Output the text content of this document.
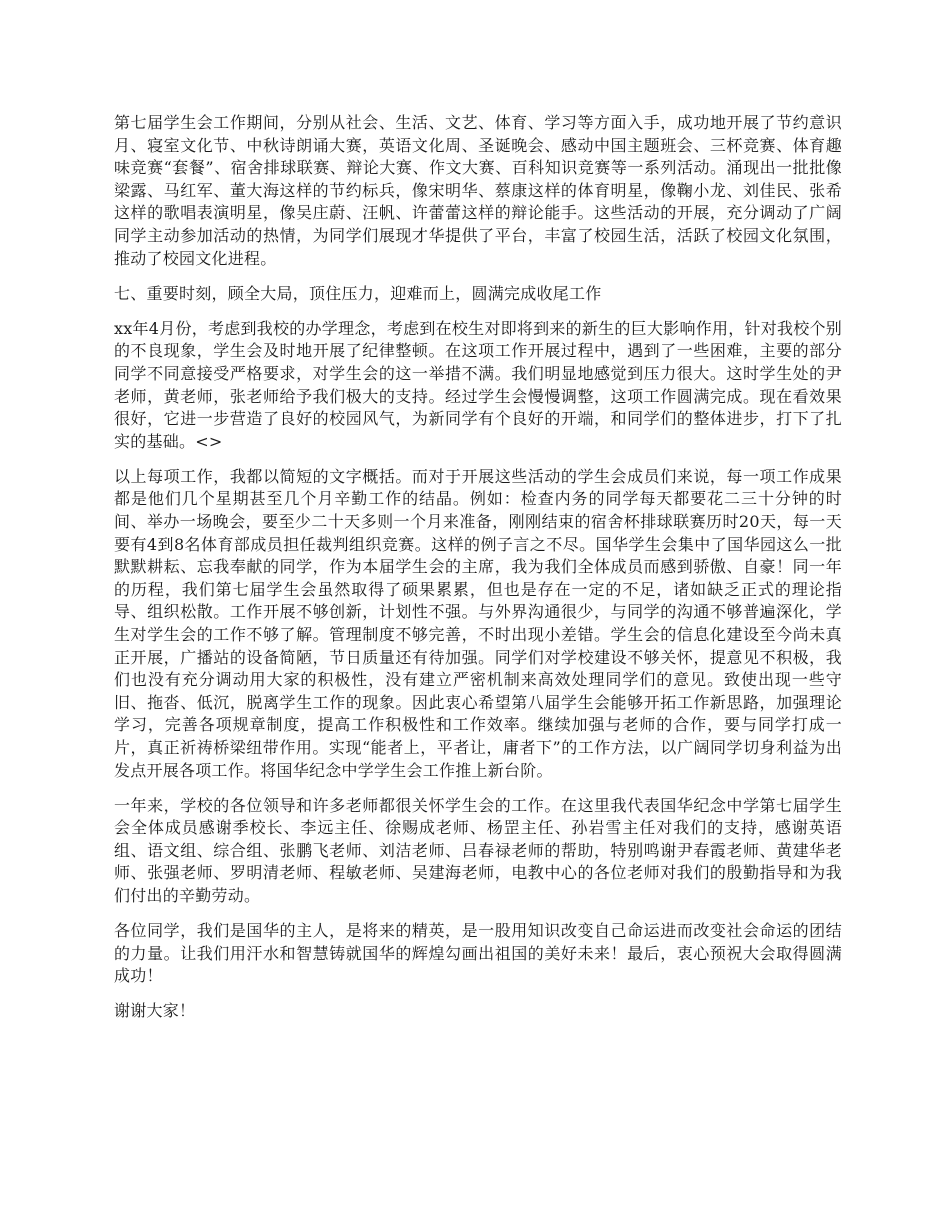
第七届学生会工作期间，分别从社会、生活、文艺、体育、学习等方面入手，成功地开展了节约意识月、寝室文化节、中秋诗朗诵大赛，英语文化周、圣诞晚会、感动中国主题班会、三杯竞赛、体育趣味竞赛“套餐”、宿舍排球联赛、辩论大赛、作文大赛、百科知识竞赛等一系列活动。涌现出一批批像梁露、马红军、董大海这样的节约标兵，像宋明华、蔡康这样的体育明星，像鞠小龙、刘佳民、张希这样的歌唱表演明星，像吴庄蔚、汪帆、许蕾蕾这样的辩论能手。这些活动的开展，充分调动了广阔同学主动参加活动的热情，为同学们展现才华提供了平台，丰富了校园生活，活跃了校园文化氛围，推动了校园文化进程。

七、重要时刻，顾全大局，顶住压力，迎难而上，圆满完成收尾工作

xx年4月份，考虑到我校的办学理念，考虑到在校生对即将到来的新生的巨大影响作用，针对我校个别的不良现象，学生会及时地开展了纪律整顿。在这项工作开展过程中，遇到了一些困难，主要的部分同学不同意接受严格要求，对学生会的这一举措不满。我们明显地感觉到压力很大。这时学生处的尹老师，黄老师，张老师给予我们极大的支持。经过学生会慢慢调整，这项工作圆满完成。现在看效果很好，它进一步营造了良好的校园风气，为新同学有个良好的开端，和同学们的整体进步，打下了扎实的基础。<>

以上每项工作，我都以简短的文字概括。而对于开展这些活动的学生会成员们来说，每一项工作成果都是他们几个星期甚至几个月辛勤工作的结晶。例如：检查内务的同学每天都要花二三十分钟的时间、举办一场晚会，要至少二十天多则一个月来准备，刚刚结束的宿舍杯排球联赛历时20天，每一天要有4到8名体育部成员担任裁判组织竞赛。这样的例子言之不尽。国华学生会集中了国华园这么一批默默耕耘、忘我奉献的同学，作为本届学生会的主席，我为我们全体成员而感到骄傲、自豪！同一年的历程，我们第七届学生会虽然取得了硕果累累，但也是存在一定的不足，诸如缺乏正式的理论指导、组织松散。工作开展不够创新，计划性不强。与外界沟通很少，与同学的沟通不够普遍深化，学生对学生会的工作不够了解。管理制度不够完善，不时出现小差错。学生会的信息化建设至今尚未真正开展，广播站的设备简陋，节日质量还有待加强。同学们对学校建设不够关怀，提意见不积极，我们也没有充分调动用大家的积极性，没有建立严密机制来高效处理同学们的意见。致使出现一些守旧、拖沓、低沉，脱离学生工作的现象。因此衷心希望第八届学生会能够开拓工作新思路，加强理论学习，完善各项规章制度，提高工作积极性和工作效率。继续加强与老师的合作，要与同学打成一片，真正祈祷桥梁纽带作用。实现“能者上，平者让，庸者下”的工作方法，以广阔同学切身利益为出发点开展各项工作。将国华纪念中学学生会工作推上新台阶。

一年来，学校的各位领导和许多老师都很关怀学生会的工作。在这里我代表国华纪念中学第七届学生会全体成员感谢季校长、李远主任、徐赐成老师、杨罡主任、孙岩雪主任对我们的支持，感谢英语组、语文组、综合组、张鹏飞老师、刘洁老师、吕春禄老师的帮助，特别鸣谢尹春霞老师、黄建华老师、张强老师、罗明清老师、程敏老师、吴建海老师，电教中心的各位老师对我们的殷勤指导和为我们付出的辛勤劳动。

各位同学，我们是国华的主人，是将来的精英，是一股用知识改变自己命运进而改变社会命运的团结的力量。让我们用汗水和智慧铸就国华的辉煌勾画出祖国的美好未来！最后，衷心预祝大会取得圆满成功！

谢谢大家！
